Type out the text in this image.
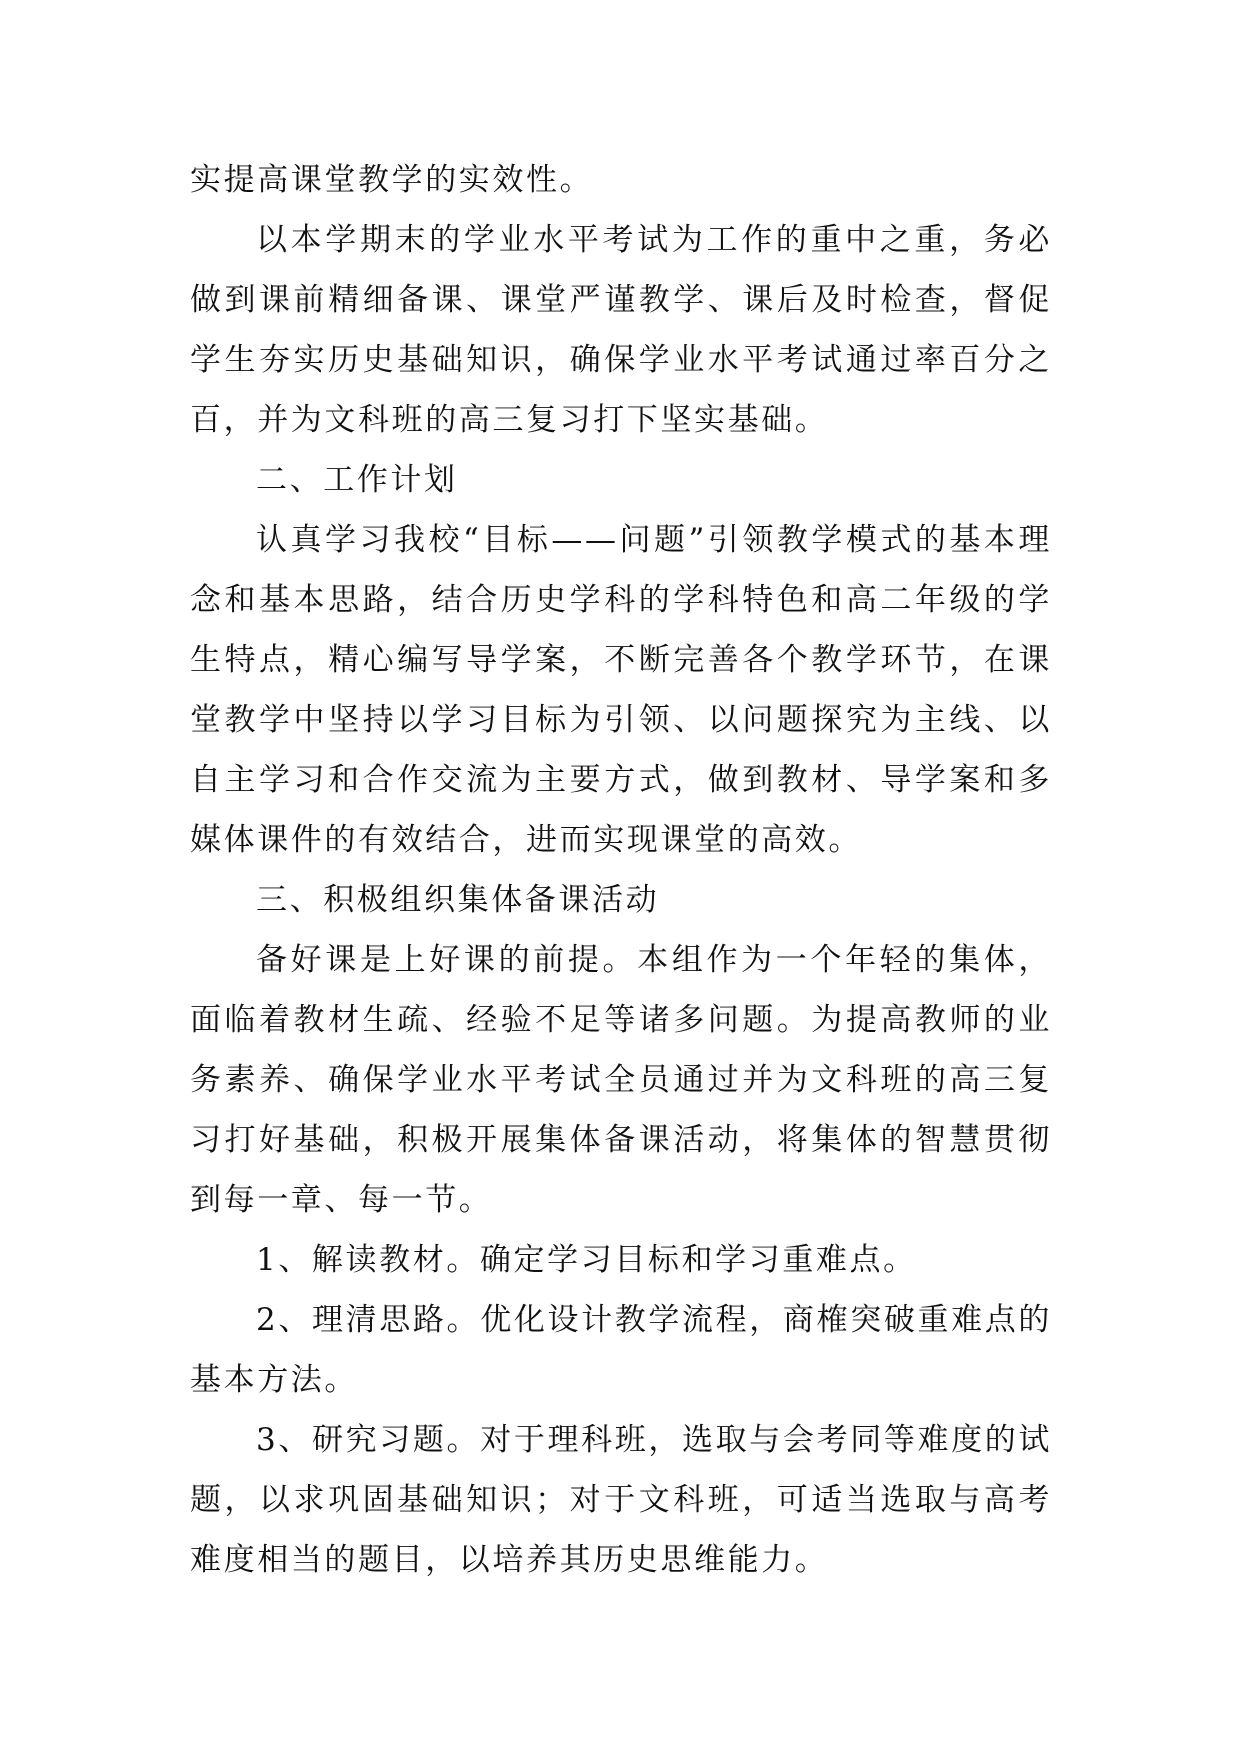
实提高课堂教学的实效性。

以本学期末的学业水平考试为工作的重中之重，务必做到课前精细备课、课堂严谨教学、课后及时检查，督促学生夯实历史基础知识，确保学业水平考试通过率百分之百，并为文科班的高三复习打下坚实基础。

二、工作计划

认真学习我校“目标——问题”引领教学模式的基本理念和基本思路，结合历史学科的学科特色和高二年级的学生特点，精心编写导学案，不断完善各个教学环节，在课堂教学中坚持以学习目标为引领、以问题探究为主线、以自主学习和合作交流为主要方式，做到教材、导学案和多媒体课件的有效结合，进而实现课堂的高效。

三、积极组织集体备课活动

备好课是上好课的前提。本组作为一个年轻的集体，面临着教材生疏、经验不足等诸多问题。为提高教师的业务素养、确保学业水平考试全员通过并为文科班的高三复习打好基础，积极开展集体备课活动，将集体的智慧贯彻到每一章、每一节。

1、解读教材。确定学习目标和学习重难点。

2、理清思路。优化设计教学流程，商榷突破重难点的基本方法。

3、研究习题。对于理科班，选取与会考同等难度的试题，以求巩固基础知识；对于文科班，可适当选取与高考难度相当的题目，以培养其历史思维能力。
